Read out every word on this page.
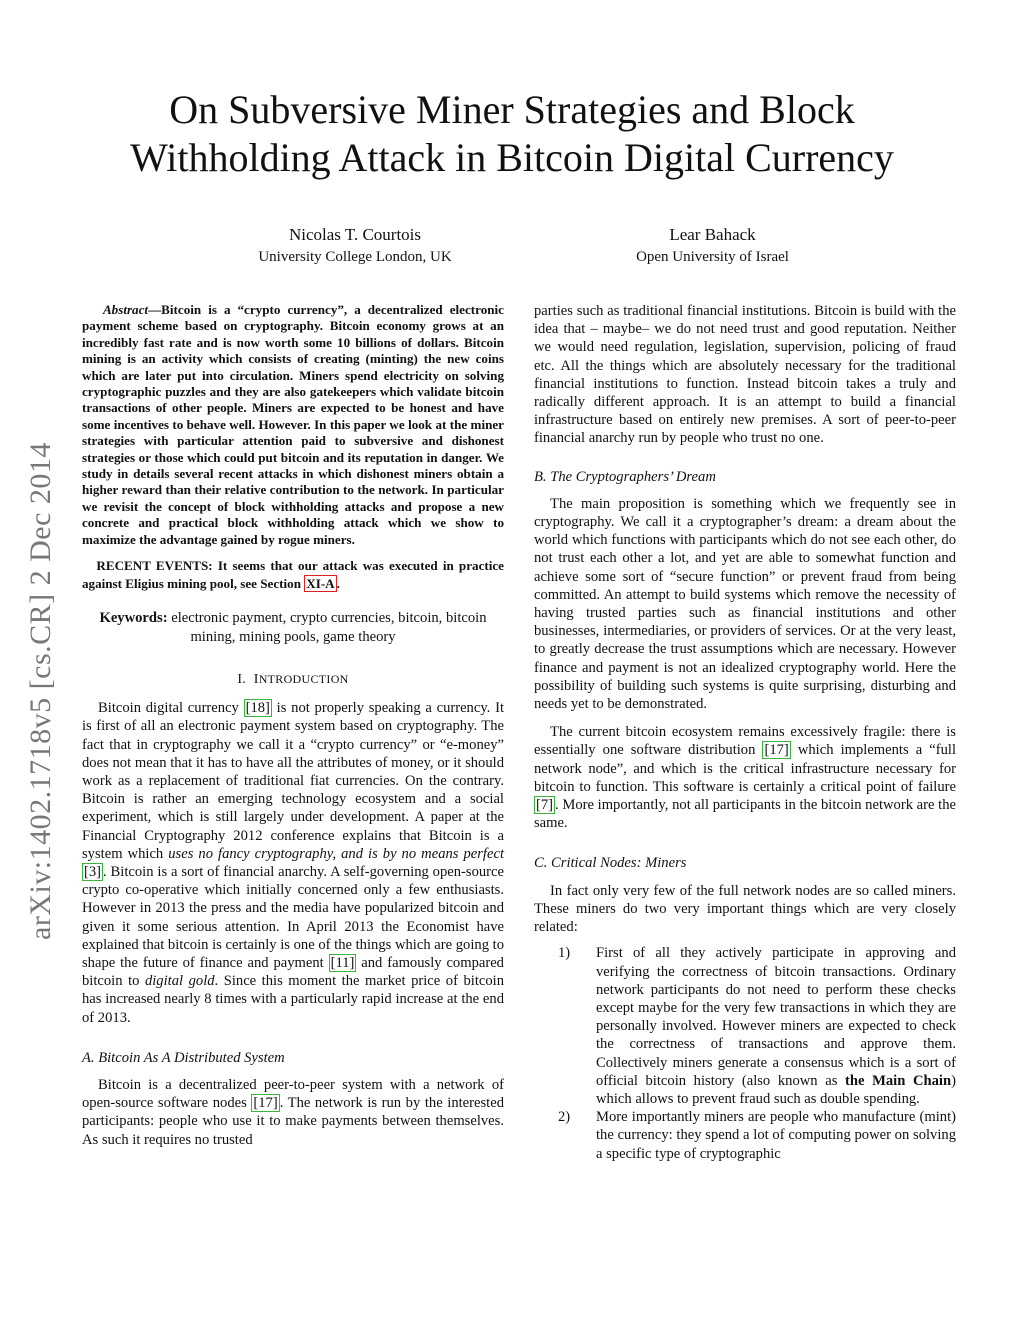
arXiv:1402.1718v5 [cs.CR] 2 Dec 2014
On Subversive Miner Strategies and Block
Withholding Attack in Bitcoin Digital Currency
Nicolas T. Courtois
University College London, UK
Lear Bahack
Open University of Israel

Abstract—Bitcoin is a “crypto currency”, a decentralized electronic payment scheme based on cryptography. Bitcoin economy grows at an incredibly fast rate and is now worth some 10 billions of dollars. Bitcoin mining is an activity which consists of creating (minting) the new coins which are later put into circulation. Miners spend electricity on solving cryptographic puzzles and they are also gatekeepers which validate bitcoin transactions of other people. Miners are expected to be honest and have some incentives to behave well. However. In this paper we look at the miner strategies with particular attention paid to subversive and dishonest strategies or those which could put bitcoin and its reputation in danger. We study in details several recent attacks in which dishonest miners obtain a higher reward than their relative contribution to the network. In particular we revisit the concept of block withholding attacks and propose a new concrete and practical block withholding attack which we show to maximize the advantage gained by rogue miners.

RECENT EVENTS: It seems that our attack was executed in practice against Eligius mining pool, see Section XI-A .

Keywords: electronic payment, crypto currencies, bitcoin, bitcoin mining, mining pools, game theory

I. INTRODUCTION

Bitcoin digital currency [18] is not properly speaking a currency. It is first of all an electronic payment system based on cryptography. The fact that in cryptography we call it a “crypto currency” or “e-money” does not mean that it has to have all the attributes of money, or it should work as a replacement of traditional fiat currencies. On the contrary. Bitcoin is rather an emerging technology ecosystem and a social experiment, which is still largely under development. A paper at the Financial Cryptography 2012 conference explains that Bitcoin is a system which uses no fancy cryptography, and is by no means perfect [3] . Bitcoin is a sort of financial anarchy. A self-governing open-source crypto co-operative which initially concerned only a few enthusiasts. However in 2013 the press and the media have popularized bitcoin and given it some serious attention. In April 2013 the Economist have explained that bitcoin is certainly is one of the things which are going to shape the future of finance and payment [11] and famously compared bitcoin to digital gold. Since this moment the market price of bitcoin has increased nearly 8 times with a particularly rapid increase at the end of 2013.

A. Bitcoin As A Distributed System

Bitcoin is a decentralized peer-to-peer system with a network of open-source software nodes [17] . The network is run by the interested participants: people who use it to make payments between themselves. As such it requires no trusted

parties such as traditional financial institutions. Bitcoin is build with the idea that – maybe– we do not need trust and good reputation. Neither we would need regulation, legislation, supervision, policing of fraud etc. All the things which are absolutely necessary for the traditional financial institutions to function. Instead bitcoin takes a truly and radically different approach. It is an attempt to build a financial infrastructure based on entirely new premises. A sort of peer-to-peer financial anarchy run by people who trust no one.

B. The Cryptographers’ Dream

The main proposition is something which we frequently see in cryptography. We call it a cryptographer’s dream: a dream about the world which functions with participants which do not see each other, do not trust each other a lot, and yet are able to somewhat function and achieve some sort of “secure function” or prevent fraud from being committed. An attempt to build systems which remove the necessity of having trusted parties such as financial institutions and other businesses, intermediaries, or providers of services. Or at the very least, to greatly decrease the trust assumptions which are necessary. However finance and payment is not an idealized cryptography world. Here the possibility of building such systems is quite surprising, disturbing and needs yet to be demonstrated.

The current bitcoin ecosystem remains excessively fragile: there is essentially one software distribution [17] which implements a “full network node”, and which is the critical infrastructure necessary for bitcoin to function. This software is certainly a critical point of failure [7] . More importantly, not all participants in the bitcoin network are the same.

C. Critical Nodes: Miners

In fact only very few of the full network nodes are so called miners. These miners do two very important things which are very closely related:

1) First of all they actively participate in approving and verifying the correctness of bitcoin transactions. Ordinary network participants do not need to perform these checks except maybe for the very few transactions in which they are personally involved. However miners are expected to check the correctness of transactions and approve them. Collectively miners generate a consensus which is a sort of official bitcoin history (also known as the Main Chain) which allows to prevent fraud such as double spending.
2) More importantly miners are people who manufacture (mint) the currency: they spend a lot of computing power on solving a specific type of cryptographic
